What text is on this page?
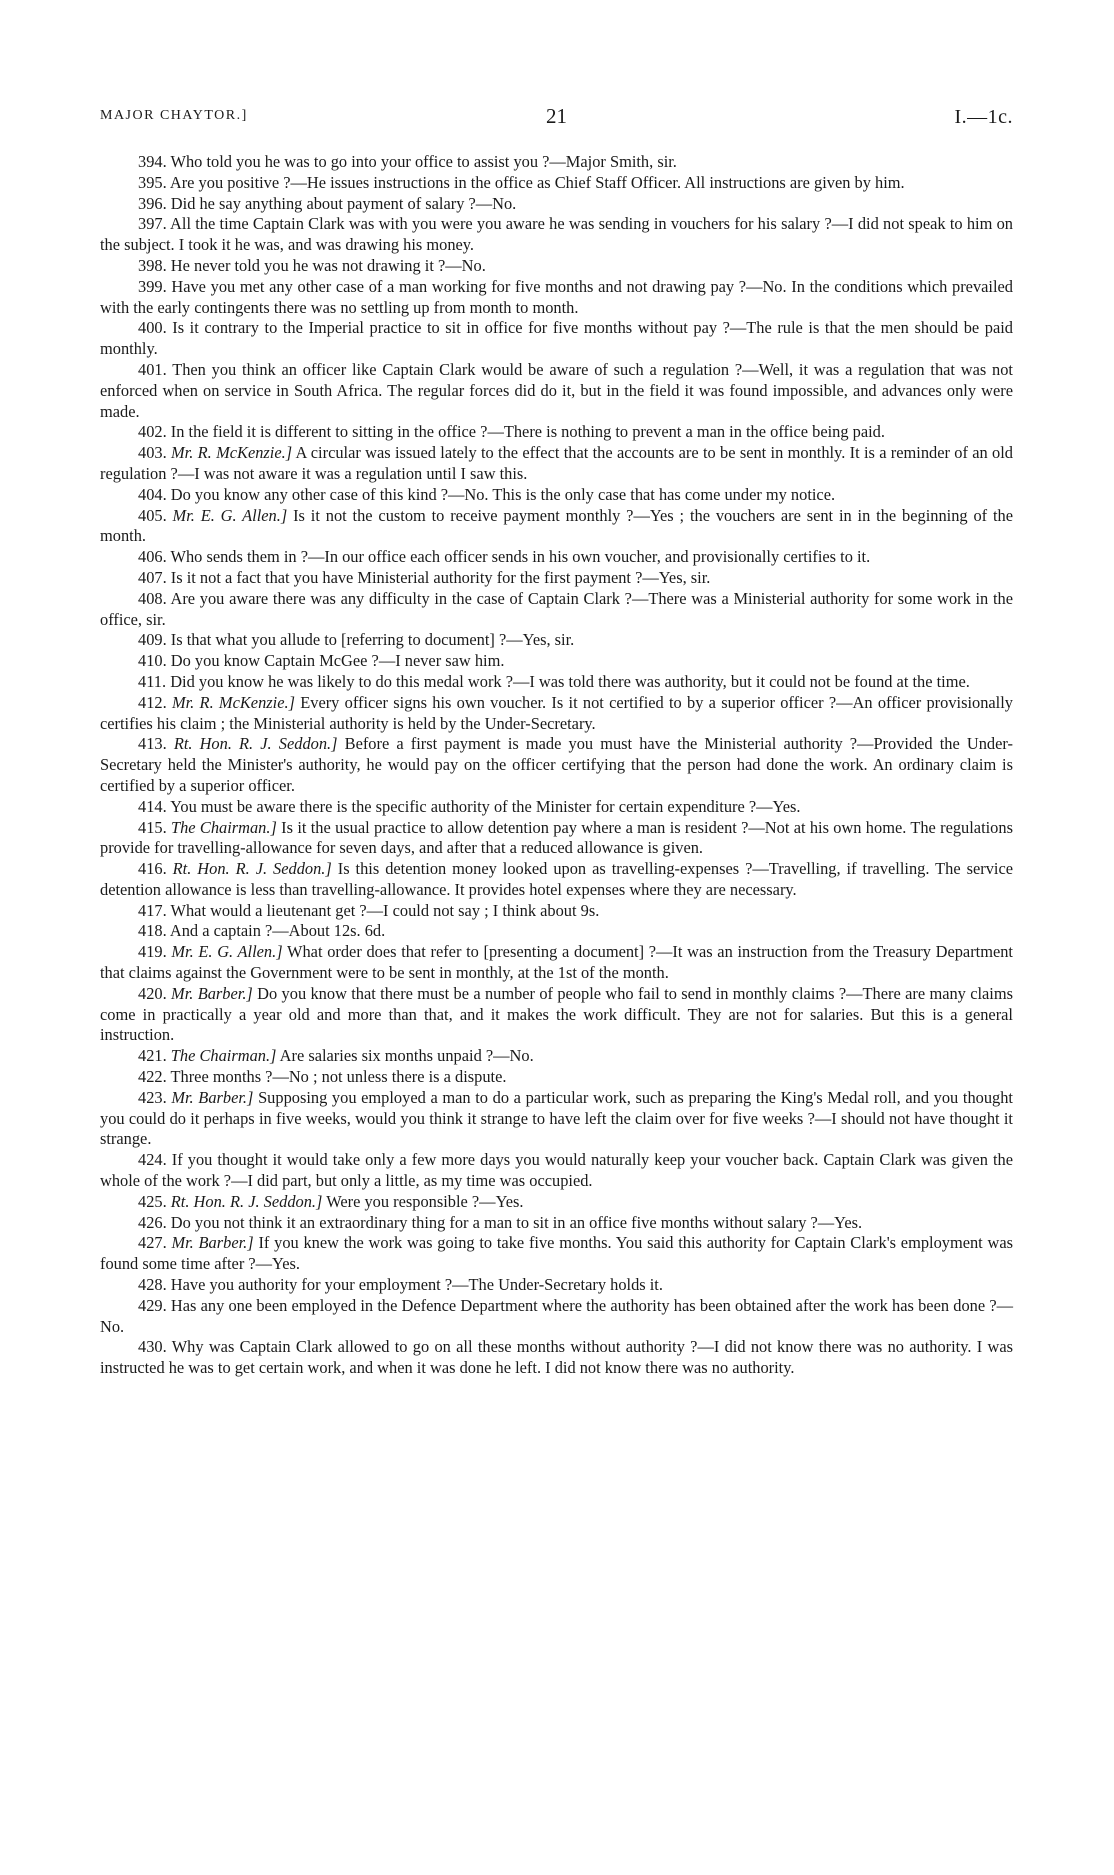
MAJOR CHAYTOR.]	21	I.—1c.

394. Who told you he was to go into your office to assist you ?—Major Smith, sir.

395. Are you positive ?—He issues instructions in the office as Chief Staff Officer. All instructions are given by him.

396. Did he say anything about payment of salary ?—No.

397. All the time Captain Clark was with you were you aware he was sending in vouchers for his salary ?—I did not speak to him on the subject. I took it he was, and was drawing his money.

398. He never told you he was not drawing it ?—No.

399. Have you met any other case of a man working for five months and not drawing pay ?—No. In the conditions which prevailed with the early contingents there was no settling up from month to month.

400. Is it contrary to the Imperial practice to sit in office for five months without pay ?—The rule is that the men should be paid monthly.

401. Then you think an officer like Captain Clark would be aware of such a regulation ?—Well, it was a regulation that was not enforced when on service in South Africa. The regular forces did do it, but in the field it was found impossible, and advances only were made.

402. In the field it is different to sitting in the office ?—There is nothing to prevent a man in the office being paid.

403. Mr. R. McKenzie.] A circular was issued lately to the effect that the accounts are to be sent in monthly. It is a reminder of an old regulation ?—I was not aware it was a regulation until I saw this.

404. Do you know any other case of this kind ?—No. This is the only case that has come under my notice.

405. Mr. E. G. Allen.] Is it not the custom to receive payment monthly ?—Yes ; the vouchers are sent in in the beginning of the month.

406. Who sends them in ?—In our office each officer sends in his own voucher, and provisionally certifies to it.

407. Is it not a fact that you have Ministerial authority for the first payment ?—Yes, sir.

408. Are you aware there was any difficulty in the case of Captain Clark ?—There was a Ministerial authority for some work in the office, sir.

409. Is that what you allude to [referring to document] ?—Yes, sir.

410. Do you know Captain McGee ?—I never saw him.

411. Did you know he was likely to do this medal work ?—I was told there was authority, but it could not be found at the time.

412. Mr. R. McKenzie.] Every officer signs his own voucher. Is it not certified to by a superior officer ?—An officer provisionally certifies his claim ; the Ministerial authority is held by the Under-Secretary.

413. Rt. Hon. R. J. Seddon.] Before a first payment is made you must have the Ministerial authority ?—Provided the Under-Secretary held the Minister's authority, he would pay on the officer certifying that the person had done the work. An ordinary claim is certified by a superior officer.

414. You must be aware there is the specific authority of the Minister for certain expenditure ?—Yes.

415. The Chairman.] Is it the usual practice to allow detention pay where a man is resident ?—Not at his own home. The regulations provide for travelling-allowance for seven days, and after that a reduced allowance is given.

416. Rt. Hon. R. J. Seddon.] Is this detention money looked upon as travelling-expenses ?—Travelling, if travelling. The service detention allowance is less than travelling-allowance. It provides hotel expenses where they are necessary.

417. What would a lieutenant get ?—I could not say ; I think about 9s.

418. And a captain ?—About 12s. 6d.

419. Mr. E. G. Allen.] What order does that refer to [presenting a document] ?—It was an instruction from the Treasury Department that claims against the Government were to be sent in monthly, at the 1st of the month.

420. Mr. Barber.] Do you know that there must be a number of people who fail to send in monthly claims ?—There are many claims come in practically a year old and more than that, and it makes the work difficult. They are not for salaries. But this is a general instruction.

421. The Chairman.] Are salaries six months unpaid ?—No.

422. Three months ?—No ; not unless there is a dispute.

423. Mr. Barber.] Supposing you employed a man to do a particular work, such as preparing the King's Medal roll, and you thought you could do it perhaps in five weeks, would you think it strange to have left the claim over for five weeks ?—I should not have thought it strange.

424. If you thought it would take only a few more days you would naturally keep your voucher back. Captain Clark was given the whole of the work ?—I did part, but only a little, as my time was occupied.

425. Rt. Hon. R. J. Seddon.] Were you responsible ?—Yes.

426. Do you not think it an extraordinary thing for a man to sit in an office five months without salary ?—Yes.

427. Mr. Barber.] If you knew the work was going to take five months. You said this authority for Captain Clark's employment was found some time after ?—Yes.

428. Have you authority for your employment ?—The Under-Secretary holds it.

429. Has any one been employed in the Defence Department where the authority has been obtained after the work has been done ?—No.

430. Why was Captain Clark allowed to go on all these months without authority ?—I did not know there was no authority. I was instructed he was to get certain work, and when it was done he left. I did not know there was no authority.
